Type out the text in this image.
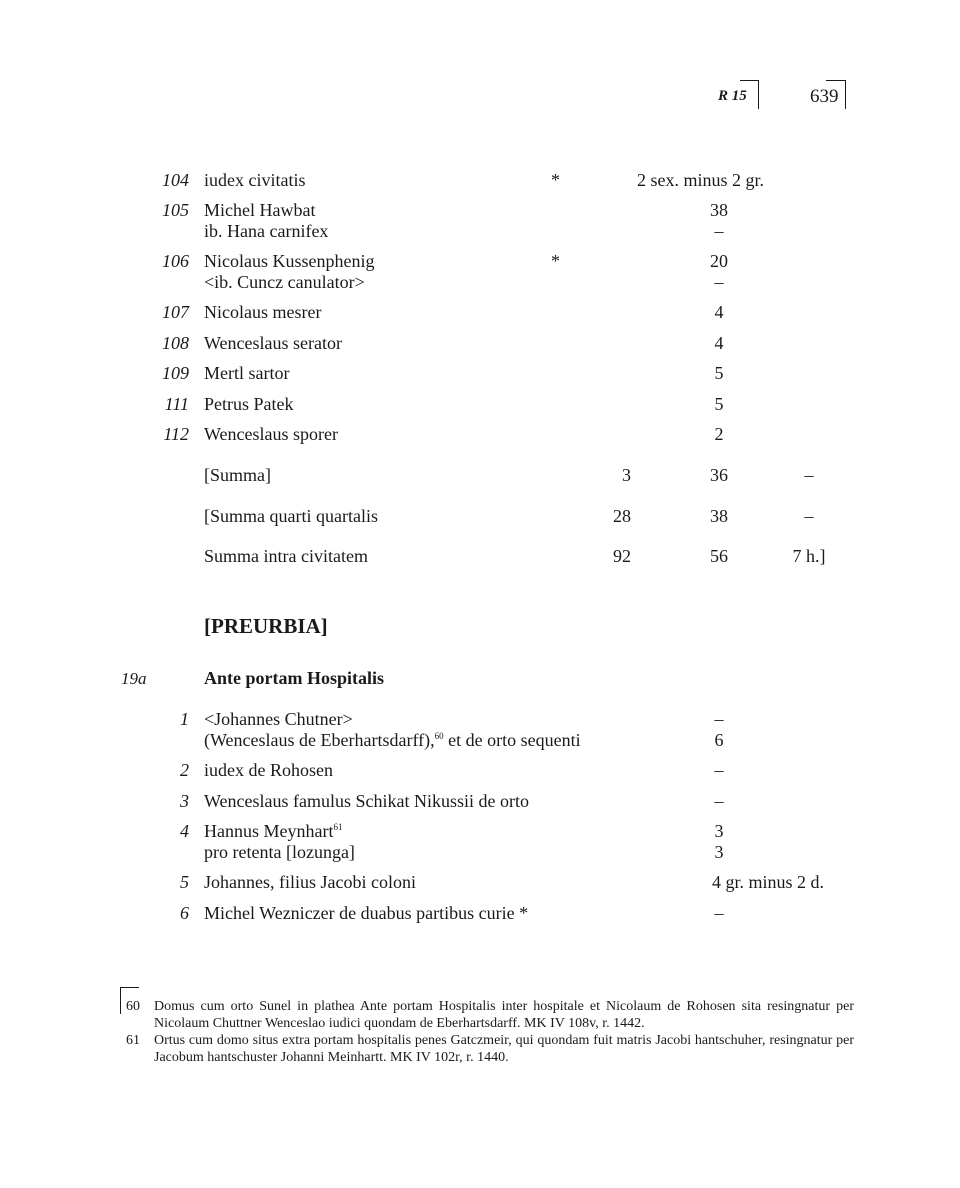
R 15	639
104 iudex civitatis	*	2 sex. minus 2 gr.
105 Michel Hawbat	38
ib. Hana carnifex	–
106 Nicolaus Kussenphenig	*	20
<ib. Cuncz canulator>	–
107 Nicolaus mesrer	4
108 Wenceslaus serator	4
109 Mertl sartor	5
111 Petrus Patek	5
112 Wenceslaus sporer	2
[Summa]	3	36	–
[Summa quarti quartalis	28	38	–
Summa intra civitatem	92	56	7 h.]
[PREURBIA]
19a	Ante portam Hospitalis
1 <Johannes Chutner>	–
(Wenceslaus de Eberhartsdarff),$^{60}$ et de orto sequenti	6
2 iudex de Rohosen	–
3 Wenceslaus famulus Schikat Nikussii de orto	–
4 Hannus Meynhart$^{61}$	3
pro retenta [lozunga]	3
5 Johannes, filius Jacobi coloni	4 gr. minus 2 d.
6 Michel Wezniczer de duabus partibus curie *	–
60 Domus cum orto Sunel in plathea Ante portam Hospitalis inter hospitale et Nicolaum de Rohosen sita resingnatur per Nicolaum Chuttner Wenceslao iudici quondam de Eberhartsdarff. MK IV 108v, r. 1442.
61 Ortus cum domo situs extra portam hospitalis penes Gatczmeir, qui quondam fuit matris Jacobi hantschuher, resingnatur per Jacobum hantschuster Johanni Meinhartt. MK IV 102r, r. 1440.
